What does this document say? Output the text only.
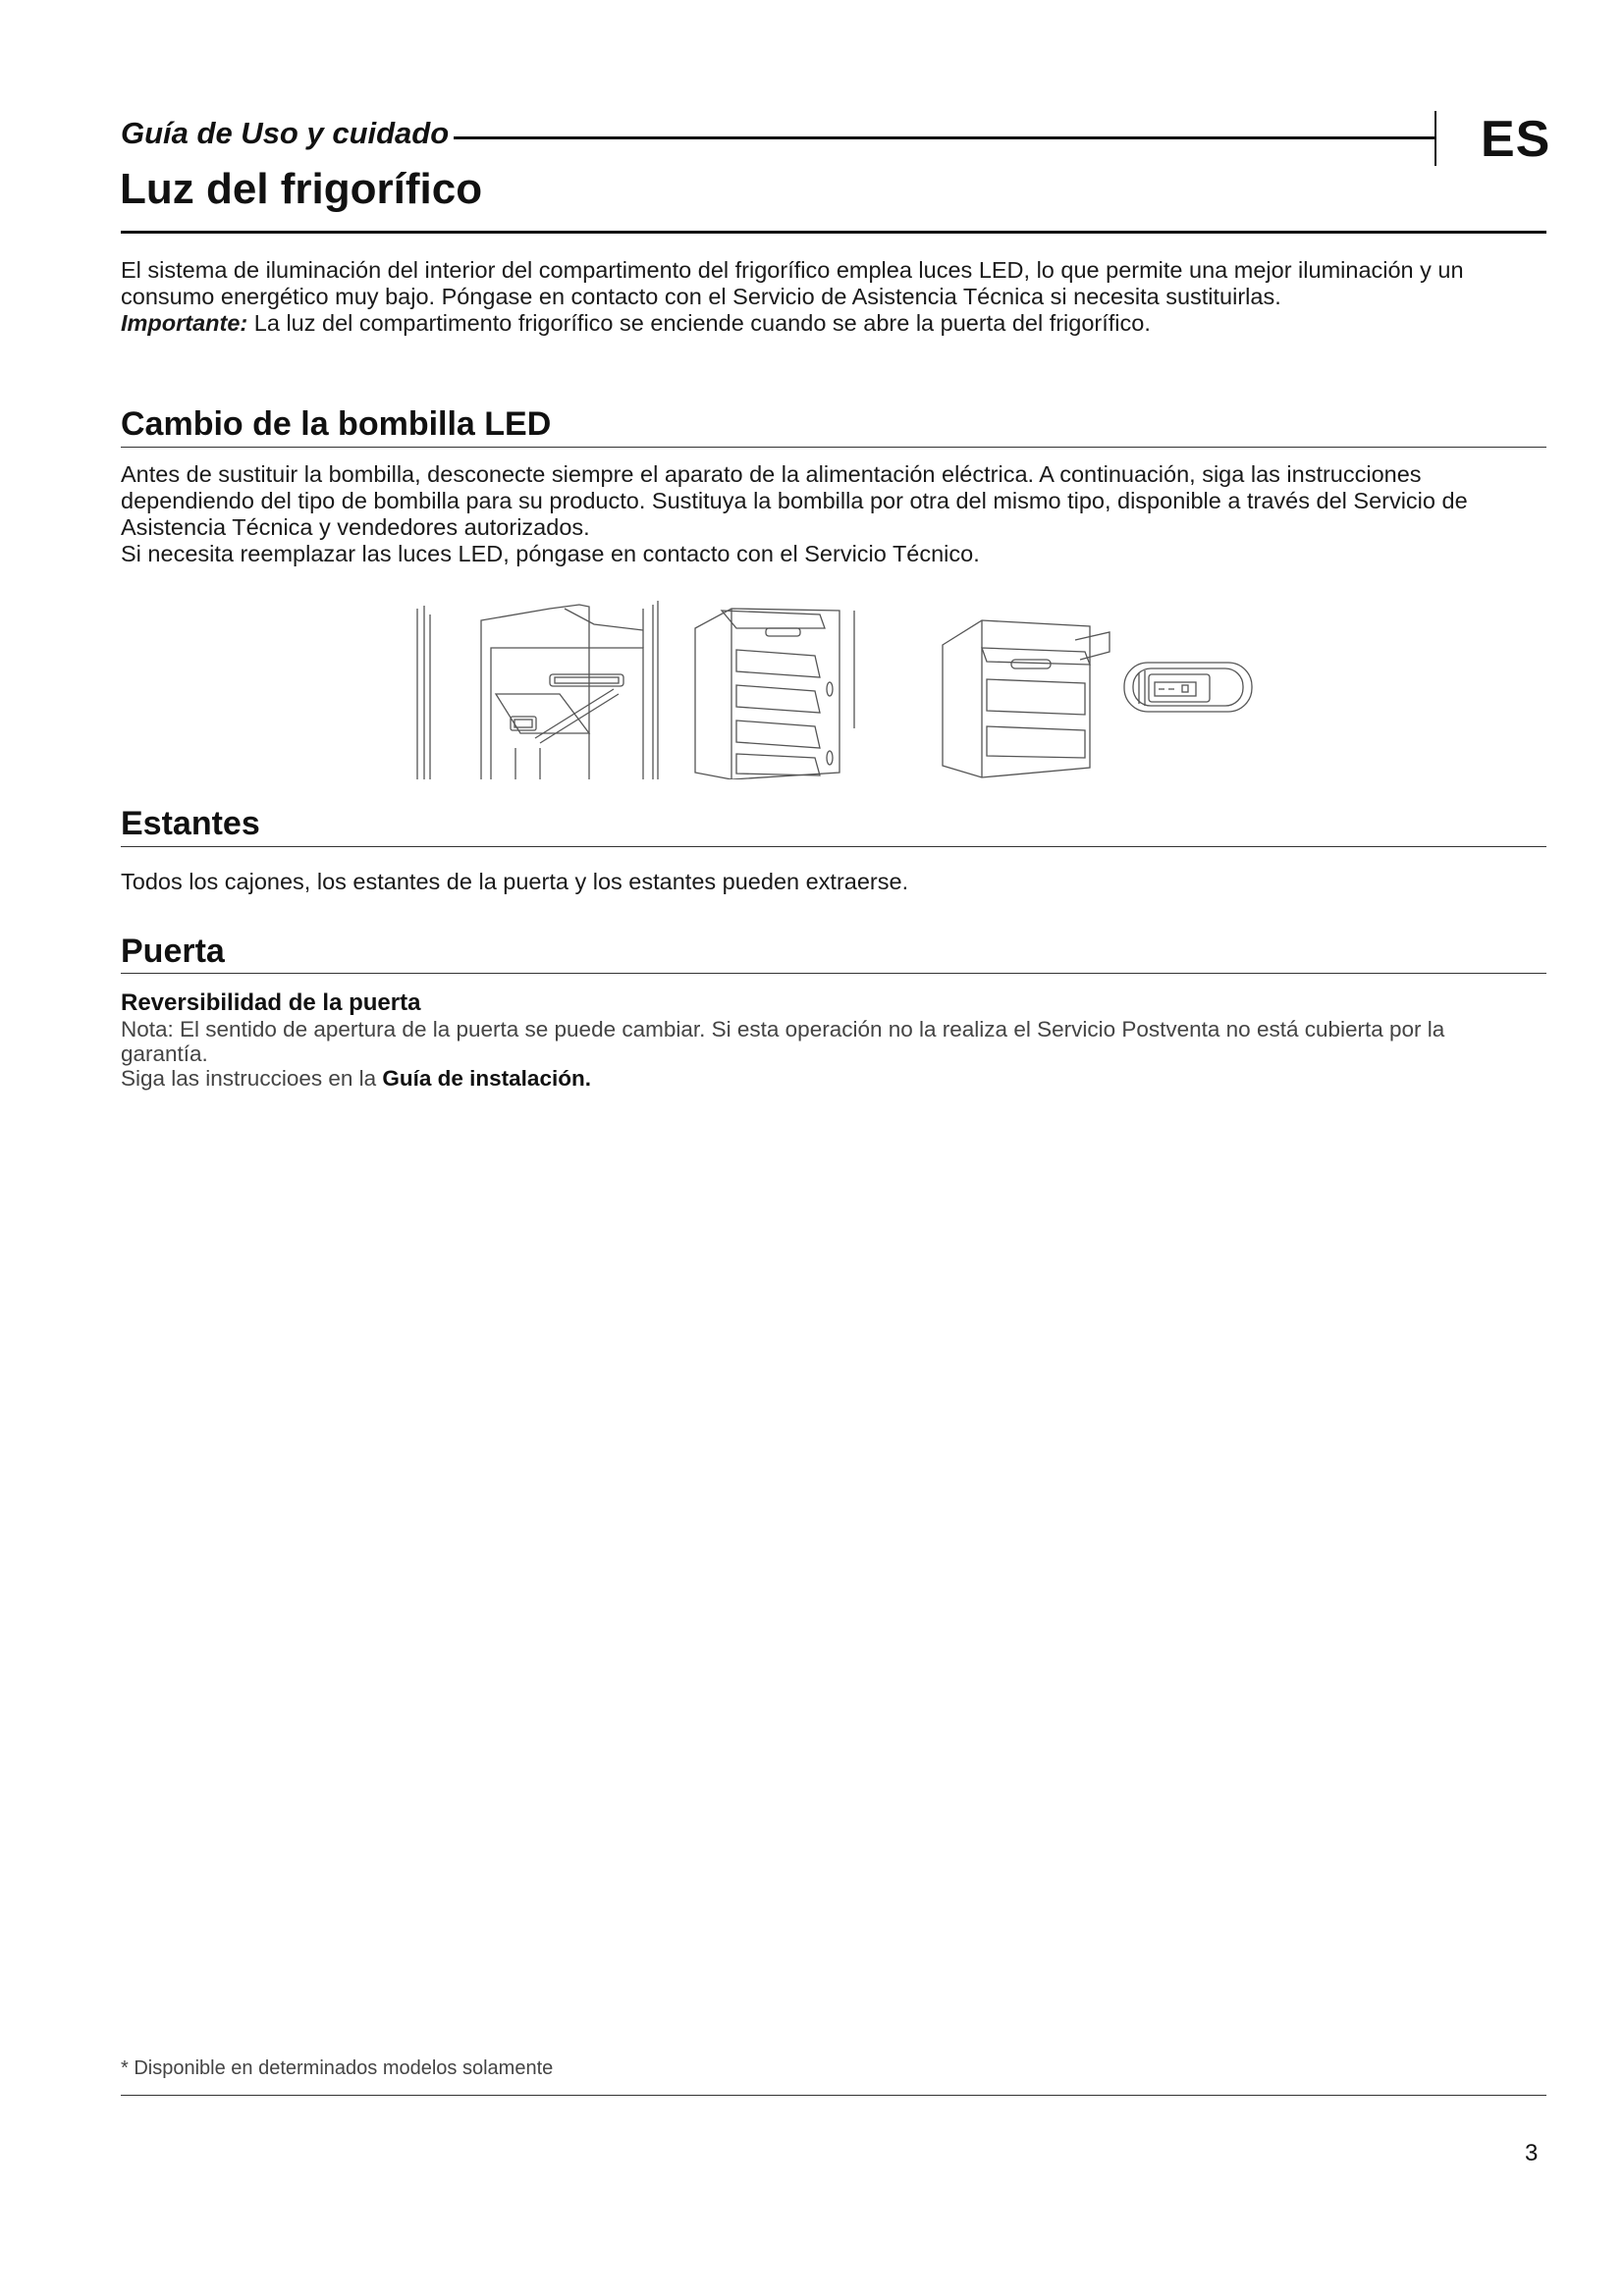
Guía de Uso y cuidado	ES
Luz del frigorífico
El sistema de iluminación del interior del compartimento del frigorífico emplea luces LED, lo que permite una mejor iluminación y un consumo energético muy bajo. Póngase en contacto con el Servicio de Asistencia Técnica si necesita sustituirlas.
Importante: La luz del compartimento frigorífico se enciende cuando se abre la puerta del frigorífico.
Cambio de la bombilla LED
Antes de sustituir la bombilla, desconecte siempre el aparato de la alimentación eléctrica. A continuación, siga las instrucciones dependiendo del tipo de bombilla para su producto. Sustituya la bombilla por otra del mismo tipo, disponible a través del Servicio de Asistencia Técnica y vendedores autorizados.
Si necesita reemplazar las luces LED, póngase en contacto con el Servicio Técnico.
Estantes
Todos los cajones, los estantes de la puerta y los estantes pueden extraerse.
Puerta
Reversibilidad de la puerta
Nota: El sentido de apertura de la puerta se puede cambiar. Si esta operación no la realiza el Servicio Postventa no está cubierta por la garantía.
Siga las instruccioes en la Guía de instalación.
* Disponible en determinados modelos solamente
3
